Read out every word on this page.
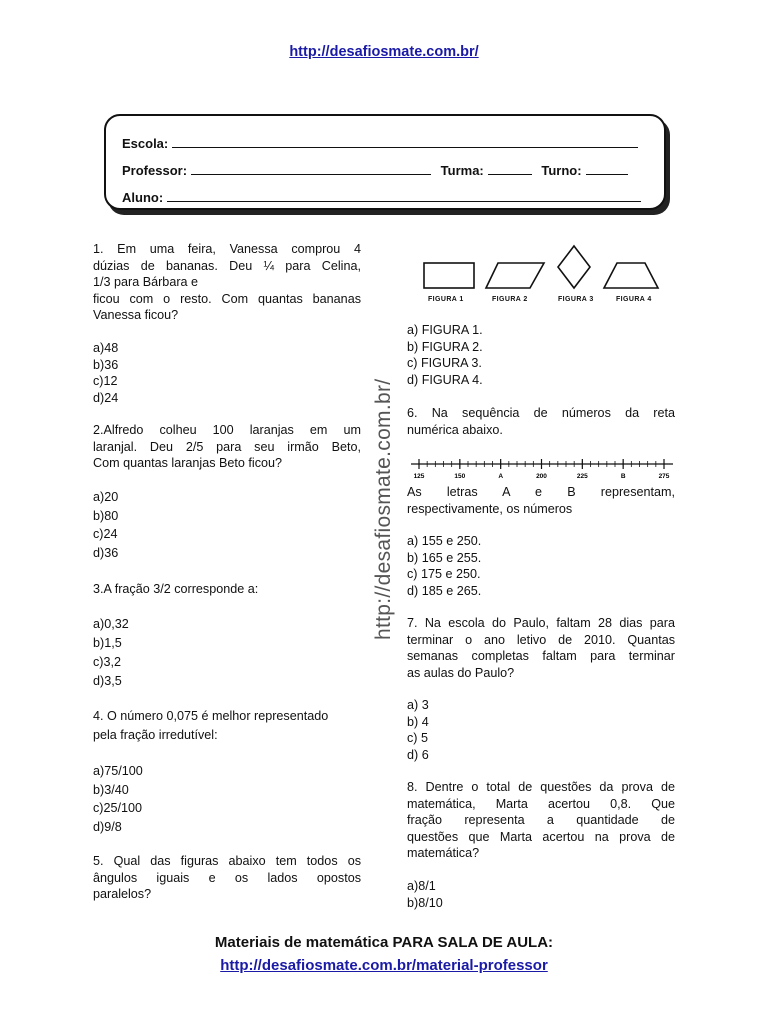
http://desafiosmate.com.br/
Escola:
Professor:	Turma:	Turno:
Aluno:
1. Em uma feira, Vanessa comprou 4
dúzias de bananas. Deu ¼ para Celina,
1/3 para Bárbara e
ficou com o resto. Com quantas bananas
Vanessa ficou?
a)48
b)36
c)12
d)24
2.Alfredo colheu 100 laranjas em um
laranjal. Deu 2/5 para seu irmão Beto,
Com quantas laranjas Beto ficou?
a)20
b)80
c)24
d)36
3.A fração 3/2 corresponde a:
a)0,32
b)1,5
c)3,2
d)3,5
4. O número 0,075 é melhor representado
pela fração irredutível:
a)75/100
b)3/40
c)25/100
d)9/8
5. Qual das figuras abaixo tem todos os
ângulos iguais e os lados opostos
paralelos?
http://desafiosmate.com.br/
FIGURA 1	FIGURA 2	FIGURA 3	FIGURA 4
a) FIGURA 1.
b) FIGURA 2.
c) FIGURA 3.
d) FIGURA 4.
6. Na sequência de números da reta
numérica abaixo.
As letras A e B representam,
respectivamente, os números
a) 155 e 250.
b) 165 e 255.
c) 175 e 250.
d) 185 e 265.
7. Na escola do Paulo, faltam 28 dias para
terminar o ano letivo de 2010. Quantas
semanas completas faltam para terminar
as aulas do Paulo?
a) 3
b) 4
c) 5
d) 6
8. Dentre o total de questões da prova de
matemática, Marta acertou 0,8. Que
fração representa a quantidade de
questões que Marta acertou na prova de
matemática?
a)8/1
b)8/10
125	150	A	200	225	B	275
Materiais de matemática PARA SALA DE AULA:
http://desafiosmate.com.br/material-professor
